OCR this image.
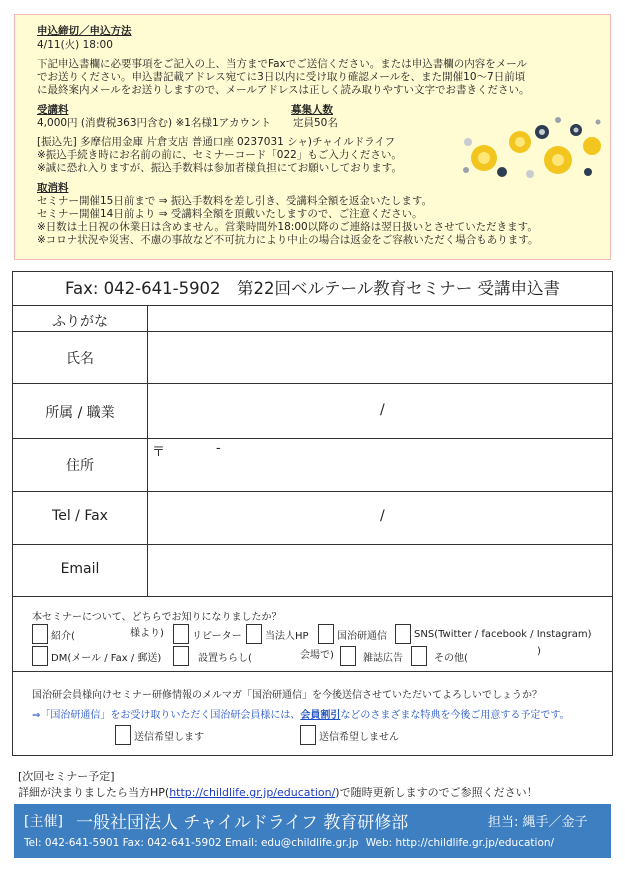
申込締切／申込方法
4/11(火) 18:00
下記申込書欄に必要事項をご記入の上、当方までFaxでご送信ください。または申込書欄の内容をメール
でお送りください。申込書記載アドレス宛てに3日以内に受け取り確認メールを、また開催10～7日前頃
に最終案内メールをお送りしますので、メールアドレスは正しく読み取りやすい文字でお書きください。
受講料
4,000円 (消費税363円含む) ※1名様1アカウント
募集人数
定員50名
[振込先] 多摩信用金庫 片倉支店 普通口座 0237031 シャ)チャイルドライフ
※振込手続き時にお名前の前に、セミナーコード「022」もご入力ください。
※誠に恐れ入りますが、振込手数料は参加者様負担にてお願いしております。
取消料
セミナー開催15日前まで ⇒ 振込手数料を差し引き、受講料全額を返金いたします。
セミナー開催14日前より ⇒ 受講料全額を頂戴いたしますので、ご注意ください。
※日数は土日祝の休業日は含めません。営業時間外18:00以降のご連絡は翌日扱いとさせていただきます。
※コロナ状況や災害、不慮の事故など不可抗力により中止の場合は返金をご容赦いただく場合もあります。
Fax: 042-641-5902　第22回ベルテール教育セミナー 受講申込書
ふりがな
氏名
所属 / 職業	/
住所
〒	-
Tel / Fax	/
Email
本セミナーについて、どちらでお知りになりましたか？
紹介(	様より)	リピーター 当法人HP	国治研通信	SNS(Twitter / facebook / Instagram)
DM(メール / Fax / 郵送)	設置ちらし(	会場で)	雑誌広告	その他(
)
国治研会員様向けセミナー研修情報のメルマガ「国治研通信」を今後送信させていただいてよろしいでしょうか？
⇒「国治研通信」をお受け取りいただく国治研会員様には、会員割引などのさまざまな特典を今後ご用意する予定です。
送信希望します	送信希望しません
[次回セミナー予定]
詳細が決まりましたら当方HP(http://childlife.gr.jp/education/)で随時更新しますのでご参照ください！
[主催] 一般社団法人 チャイルドライフ 教育研修部	担当: 縄手／金子
Tel: 042-641-5901 Fax: 042-641-5902 Email: edu@childlife.gr.jp Web: http://childlife.gr.jp/education/
